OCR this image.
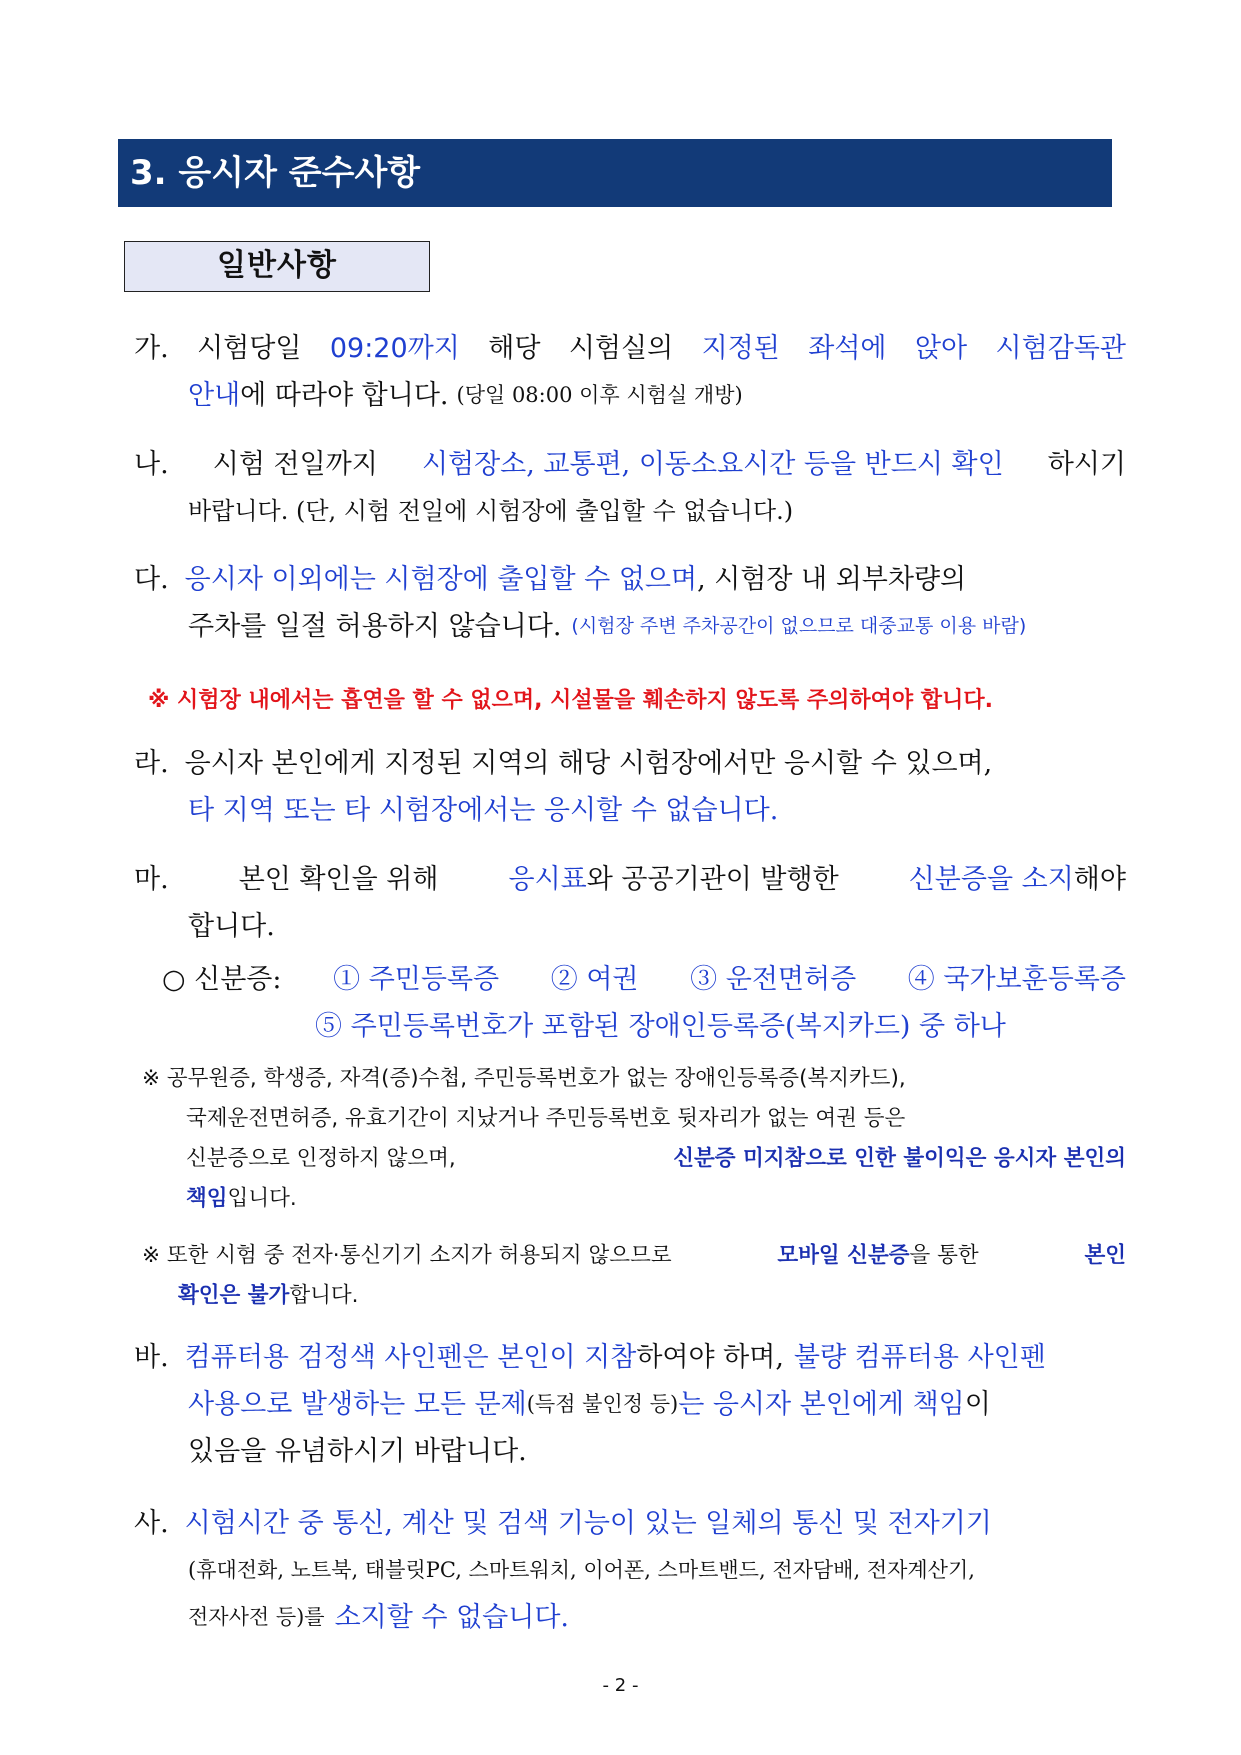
3. 응시자 준수사항
일반사항
가. 시험당일 09:20까지 해당 시험실의 지정된 좌석에 앉아 시험감독관
안내 에 따라야 합니다. (당일 08:00 이후 시험실 개방)
나. 시험 전일까지 시험장소, 교통편, 이동소요시간 등을 반드시 확인 하시기
바랍니다. (단, 시험 전일에 시험장에 출입할 수 없습니다.)
다. 응시자 이외에는 시험장에 출입할 수 없으며 , 시험장 내 외부차량의
주차를 일절 허용하지 않습니다. (시험장 주변 주차공간이 없으므로 대중교통 이용 바람)
※ 시험장 내에서는 흡연을 할 수 없으며, 시설물을 훼손하지 않도록 주의하여야 합니다.
라. 응시자 본인에게 지정된 지역의 해당 시험장에서만 응시할 수 있으며,
타 지역 또는 타 시험장에서는 응시할 수 없습니다.
마.	본인 확인을 위해	응시표와 공공기관이 발행한	신분증을 소지해야
합니다.
○ 신분증: ① 주민등록증 ② 여권 ③ 운전면허증 ④ 국가보훈등록증
⑤ 주민등록번호가 포함된 장애인등록증(복지카드) 중 하나
※ 공무원증, 학생증, 자격(증)수첩, 주민등록번호가 없는 장애인등록증(복지카드),
국제운전면허증, 유효기간이 지났거나 주민등록번호 뒷자리가 없는 여권 등은
신분증으로 인정하지 않으며,	신분증 미지참으로 인한 불이익은 응시자 본인의
책임 입니다.
※ 또한 시험 중 전자·통신기기 소지가 허용되지 않으므로	모바일 신분증을 통한	본인
확인은 불가 합니다.
바. 컴퓨터용 검정색 사인펜은 본인이 지참 하여야 하며, 불량 컴퓨터용 사인펜
사용으로 발생하는 모든 문제 (득점 불인정 등) 는 응시자 본인에게 책임 이
있음을 유념하시기 바랍니다.
사. 시험시간 중 통신, 계산 및 검색 기능이 있는 일체의 통신 및 전자기기
(휴대전화, 노트북, 태블릿PC, 스마트워치, 이어폰, 스마트밴드, 전자담배, 전자계산기,
전자사전 등)를 소지할 수 없습니다.
- 2 -
